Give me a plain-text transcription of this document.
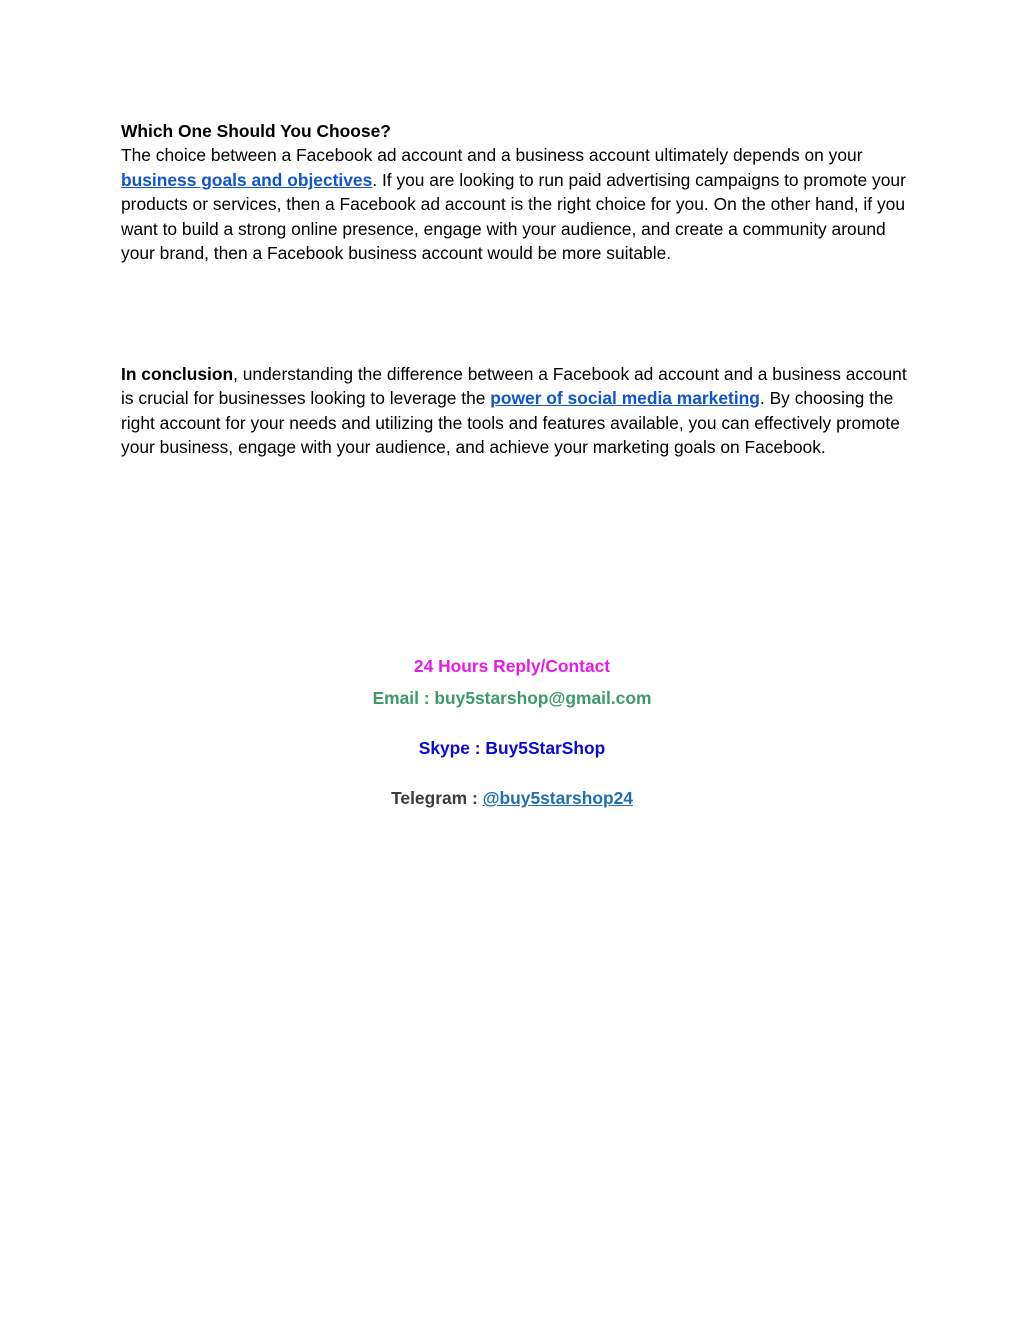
Which One Should You Choose?

The choice between a Facebook ad account and a business account ultimately depends on your business goals and objectives. If you are looking to run paid advertising campaigns to promote your products or services, then a Facebook ad account is the right choice for you. On the other hand, if you want to build a strong online presence, engage with your audience, and create a community around your brand, then a Facebook business account would be more suitable.

In conclusion, understanding the difference between a Facebook ad account and a business account is crucial for businesses looking to leverage the power of social media marketing. By choosing the right account for your needs and utilizing the tools and features available, you can effectively promote your business, engage with your audience, and achieve your marketing goals on Facebook.

24 Hours Reply/Contact
Email : buy5starshop@gmail.com
Skype : Buy5StarShop
Telegram : @buy5starshop24
